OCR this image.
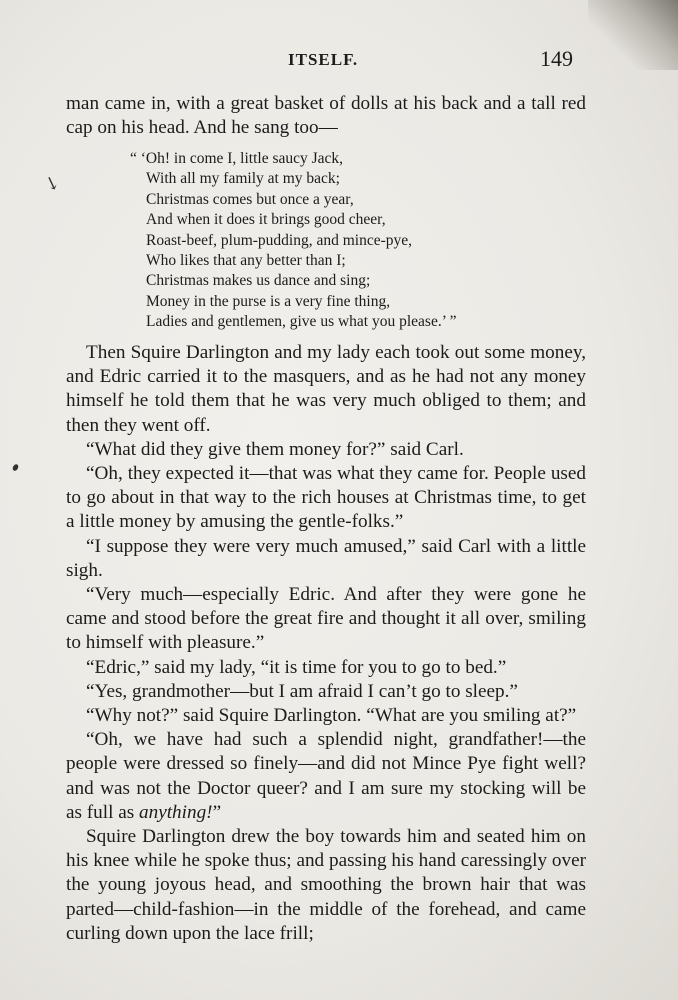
ITSELF.	149

man came in, with a great basket of dolls at his back and a tall red cap on his head. And he sang too—

↘
“ ‘Oh! in come I, little saucy Jack,
With all my family at my back;
Christmas comes but once a year,
And when it does it brings good cheer,
Roast-beef, plum-pudding, and mince-pye,
Who likes that any better than I;
Christmas makes us dance and sing;
Money in the purse is a very fine thing,
Ladies and gentlemen, give us what you please.’ ”

Then Squire Darlington and my lady each took out some money, and Edric carried it to the masquers, and as he had not any money himself he told them that he was very much obliged to them; and then they went off.

“What did they give them money for?” said Carl.

“Oh, they expected it—that was what they came for. People used to go about in that way to the rich houses at Christmas time, to get a little money by amusing the gentle-folks.”

“I suppose they were very much amused,” said Carl with a little sigh.

“Very much—especially Edric. And after they were gone he came and stood before the great fire and thought it all over, smiling to himself with pleasure.”

“Edric,” said my lady, “it is time for you to go to bed.”

“Yes, grandmother—but I am afraid I can’t go to sleep.”

“Why not?” said Squire Darlington. “What are you smiling at?”

“Oh, we have had such a splendid night, grandfather!—the people were dressed so finely—and did not Mince Pye fight well? and was not the Doctor queer? and I am sure my stocking will be as full as anything!”

Squire Darlington drew the boy towards him and seated him on his knee while he spoke thus; and passing his hand caressingly over the young joyous head, and smoothing the brown hair that was parted—child-fashion—in the middle of the forehead, and came curling down upon the lace frill;
